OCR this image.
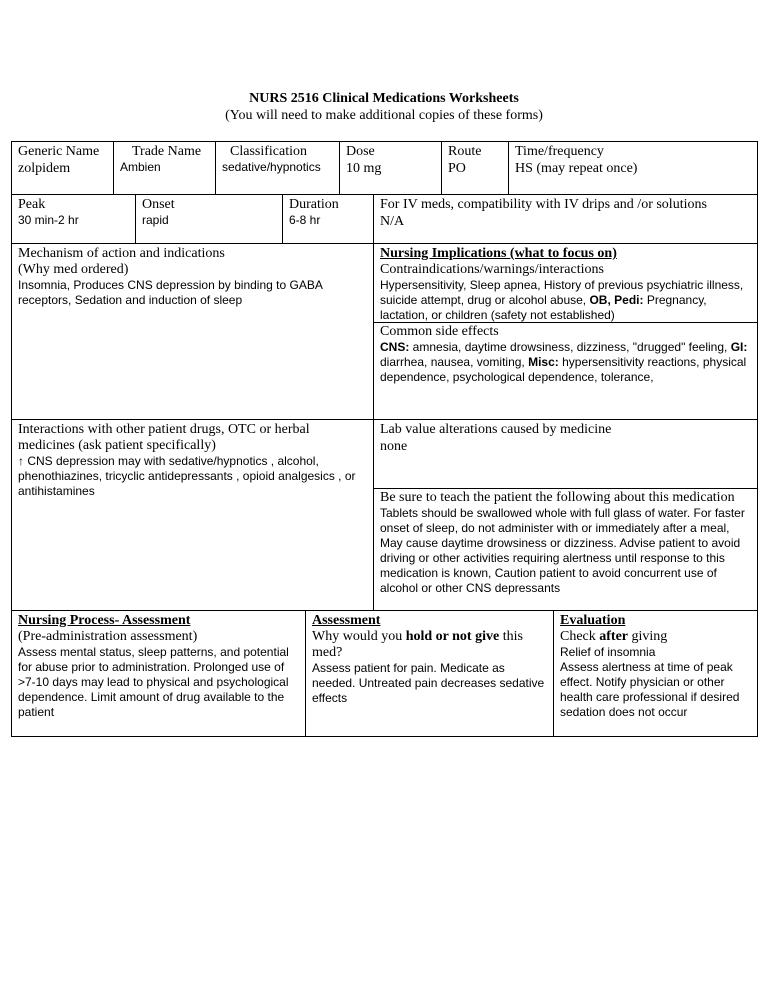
NURS 2516 Clinical Medications Worksheets
(You will need to make additional copies of these forms)
Generic Name
zolpidem
Trade Name
Ambien
Classification
sedative/hypnotics
Dose
10 mg
Route
PO
Time/frequency
HS (may repeat once)
Peak
30 min-2 hr
Onset
rapid
Duration
6-8 hr
For IV meds, compatibility with IV drips and /or solutions
N/A
Mechanism of action and indications
(Why med ordered)
Insomnia, Produces CNS depression by binding to GABA receptors, Sedation and induction of sleep
Nursing Implications (what to focus on)
Contraindications/warnings/interactions
Hypersensitivity, Sleep apnea, History of previous psychiatric illness, suicide attempt, drug or alcohol abuse, OB, Pedi: Pregnancy, lactation, or children (safety not established)
Common side effects
CNS: amnesia, daytime drowsiness, dizziness, "drugged" feeling, GI: diarrhea, nausea, vomiting, Misc: hypersensitivity reactions, physical dependence, psychological dependence, tolerance,
Interactions with other patient drugs, OTC or herbal medicines (ask patient specifically)
↑ CNS depression may with sedative/hypnotics , alcohol, phenothiazines, tricyclic antidepressants , opioid analgesics , or antihistamines
Lab value alterations caused by medicine
none
Be sure to teach the patient the following about this medication
Tablets should be swallowed whole with full glass of water. For faster onset of sleep, do not administer with or immediately after a meal, May cause daytime drowsiness or dizziness. Advise patient to avoid driving or other activities requiring alertness until response to this medication is known, Caution patient to avoid concurrent use of alcohol or other CNS depressants
Nursing Process- Assessment
(Pre-administration assessment)
Assess mental status, sleep patterns, and potential for abuse prior to administration. Prolonged use of >7-10 days may lead to physical and psychological dependence. Limit amount of drug available to the patient
Assessment
Why would you hold or not give this med?
Assess patient for pain. Medicate as needed. Untreated pain decreases sedative effects
Evaluation
Check after giving
Relief of insomnia
Assess alertness at time of peak effect. Notify physician or other health care professional if desired sedation does not occur
